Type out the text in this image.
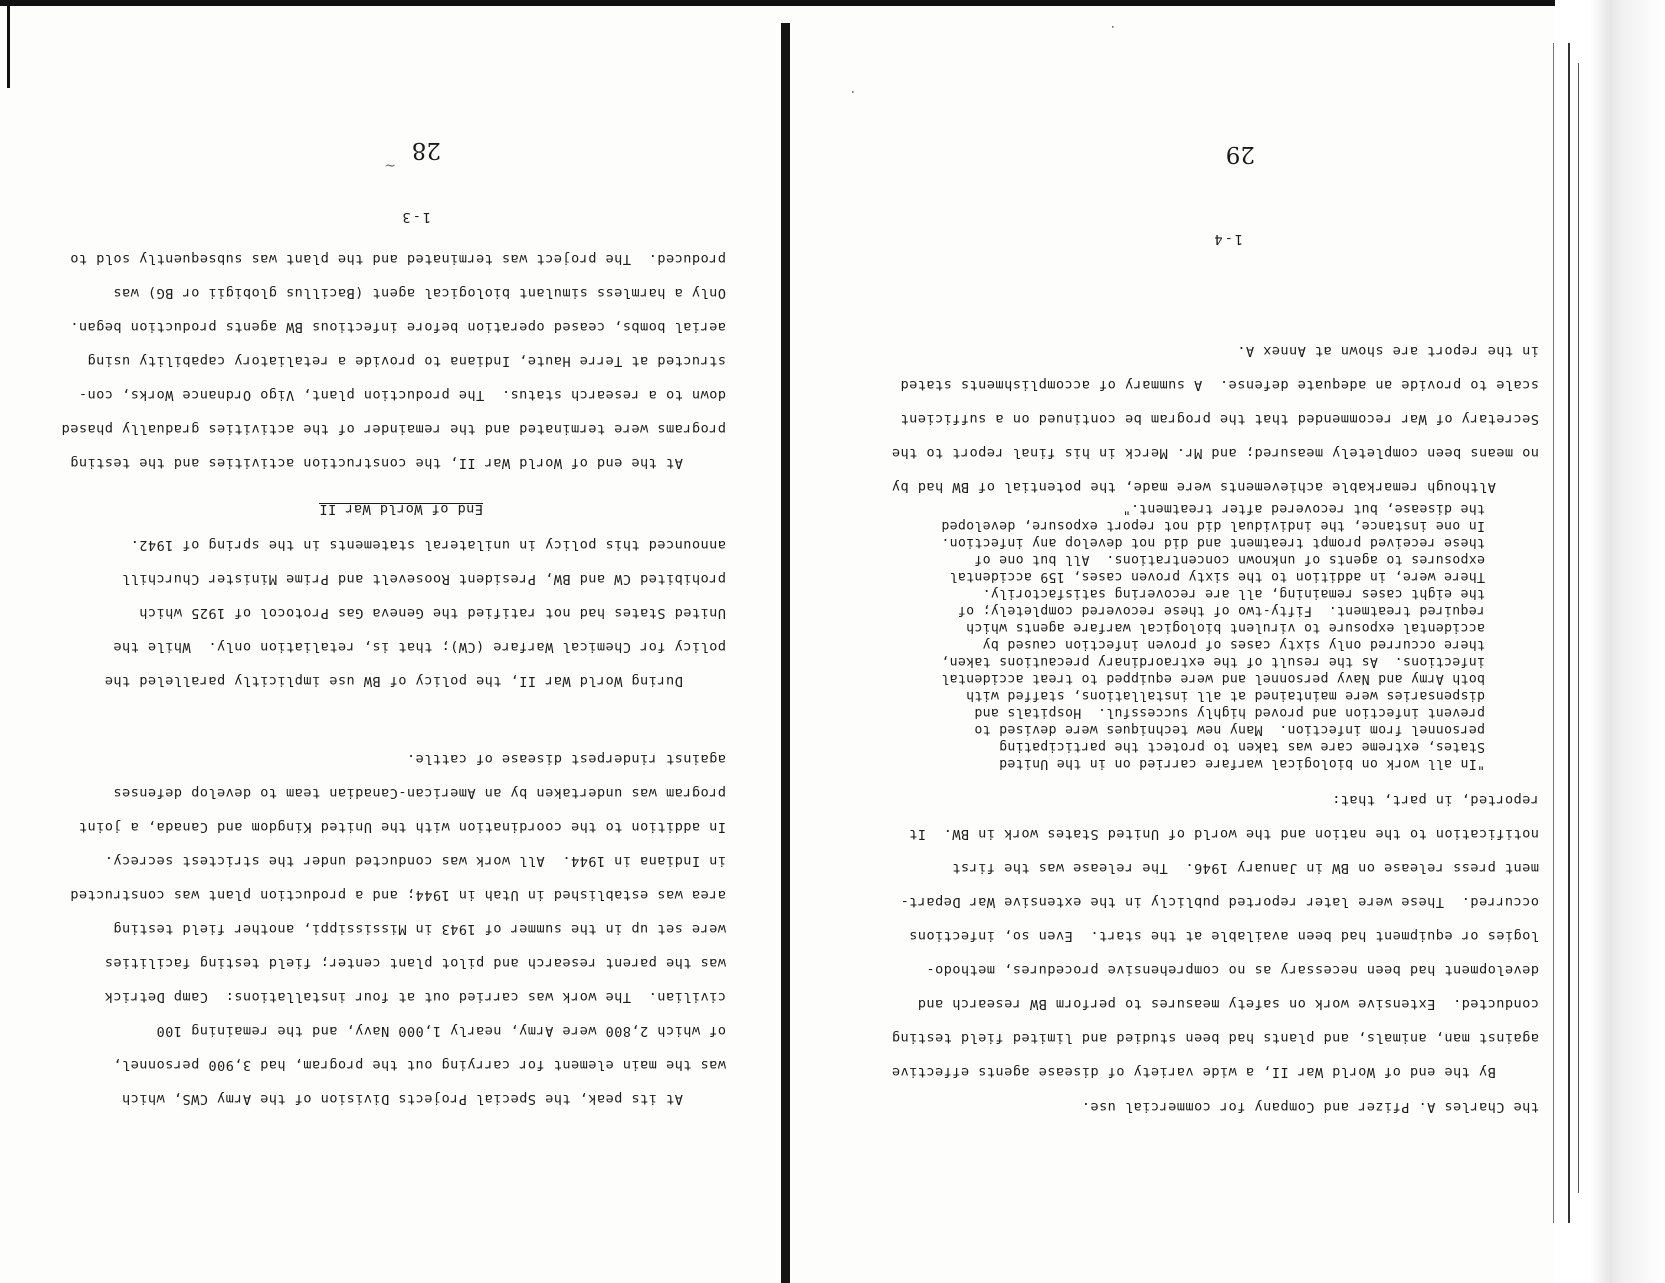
28
At its peak, the Special Projects Division of the Army CWS, which
was the main element for carrying out the program, had 3,900 personnel,
of which 2,800 were Army, nearly 1,000 Navy, and the remaining 100
civilian.  The work was carried out at four installations:  Camp Detrick
was the parent research and pilot plant center; field testing facilities
were set up in the summer of 1943 in Mississippi, another field testing
area was established in Utah in 1944; and a production plant was constructed
in Indiana in 1944.  All work was conducted under the strictest secrecy.
In addition to the coordination with the United Kingdom and Canada, a joint
program was undertaken by an American-Canadian team to develop defenses
against rinderpest disease of cattle.
During World War II, the policy of BW use implicitly paralleled the
policy for Chemical Warfare (CW); that is, retaliation only.  While the
United States had not ratified the Geneva Gas Protocol of 1925 which
prohibited CW and BW, President Roosevelt and Prime Minister Churchill
announced this policy in unilateral statements in the spring of 1942.
End of World War II
At the end of World War II, the construction activities and the testing
programs were terminated and the remainder of the activities gradually phased
down to a research status.  The production plant, Vigo Ordnance Works, con-
structed at Terre Haute, Indiana to provide a retaliatory capability using
aerial bombs, ceased operation before infectious BW agents production began.
Only a harmless simulant biological agent (Bacillus globigii or BG) was
produced.  The project was terminated and the plant was subsequently sold to
1-3
~	29
the Charles A. Pfizer and Company for commercial use.
By the end of World War II, a wide variety of disease agents effective
against man, animals, and plants had been studied and limited field testing
conducted.  Extensive work on safety measures to perform BW research and
development had been necessary as no comprehensive procedures, methodo-
logies or equipment had been available at the start.  Even so, infections
occurred.  These were later reported publicly in the extensive War Depart-
ment press release on BW in January 1946.  The release was the first
notification to the nation and the world of United States work in BW.  It
reported, in part, that:
"In all work on biological warfare carried on in the United
States, extreme care was taken to protect the participating
personnel from infection.  Many new techniques were devised to
prevent infection and proved highly successful.  Hospitals and
dispensaries were maintained at all installations, staffed with
both Army and Navy personnel and were equipped to treat accidental
infections.  As the result of the extraordinary precautions taken,
there occurred only sixty cases of proven infection caused by
accidental exposure to virulent biological warfare agents which
required treatment.  Fifty-two of these recovered completely; of
the eight cases remaining, all are recovering satisfactorily.
There were, in addition to the sixty proven cases, 159 accidental
exposures to agents of unknown concentrations.  All but one of
these received prompt treatment and did not develop any infection.
In one instance, the individual did not report exposure, developed
the disease, but recovered after treatment."
Although remarkable achievements were made, the potential of BW had by
no means been completely measured; and Mr. Merck in his final report to the
Secretary of War recommended that the program be continued on a sufficient
scale to provide an adequate defense.  A summary of accomplishments stated
in the report are shown at Annex A.
1-4
.
.
